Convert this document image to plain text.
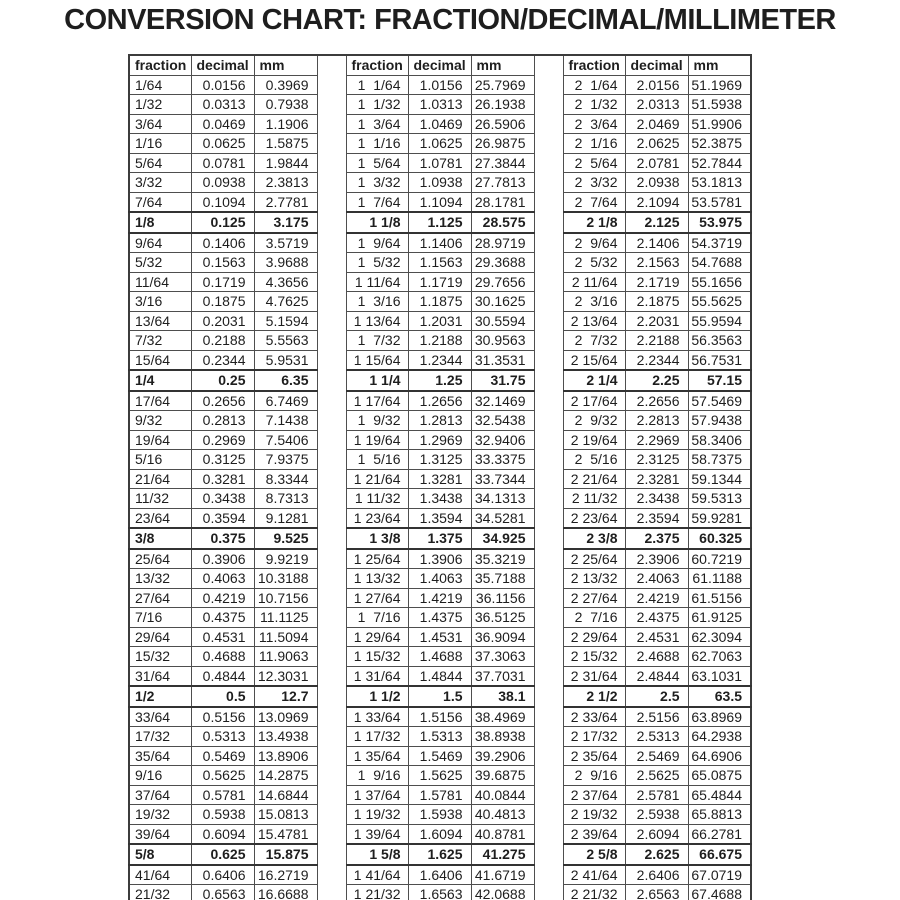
CONVERSION CHART: FRACTION/DECIMAL/MILLIMETER
fraction	decimal	mm		fraction	decimal	mm		fraction	decimal	mm
1/64	0.0156	0.3969		1  1/64	1.0156	25.7969		2  1/64	2.0156	51.1969
1/32	0.0313	0.7938		1  1/32	1.0313	26.1938		2  1/32	2.0313	51.5938
3/64	0.0469	1.1906		1  3/64	1.0469	26.5906		2  3/64	2.0469	51.9906
1/16	0.0625	1.5875		1  1/16	1.0625	26.9875		2  1/16	2.0625	52.3875
5/64	0.0781	1.9844		1  5/64	1.0781	27.3844		2  5/64	2.0781	52.7844
3/32	0.0938	2.3813		1  3/32	1.0938	27.7813		2  3/32	2.0938	53.1813
7/64	0.1094	2.7781		1  7/64	1.1094	28.1781		2  7/64	2.1094	53.5781
1/8	0.125	3.175		1 1/8	1.125	28.575		2 1/8	2.125	53.975
9/64	0.1406	3.5719		1  9/64	1.1406	28.9719		2  9/64	2.1406	54.3719
5/32	0.1563	3.9688		1  5/32	1.1563	29.3688		2  5/32	2.1563	54.7688
11/64	0.1719	4.3656		1 11/64	1.1719	29.7656		2 11/64	2.1719	55.1656
3/16	0.1875	4.7625		1  3/16	1.1875	30.1625		2  3/16	2.1875	55.5625
13/64	0.2031	5.1594		1 13/64	1.2031	30.5594		2 13/64	2.2031	55.9594
7/32	0.2188	5.5563		1  7/32	1.2188	30.9563		2  7/32	2.2188	56.3563
15/64	0.2344	5.9531		1 15/64	1.2344	31.3531		2 15/64	2.2344	56.7531
1/4	0.25	6.35		1 1/4	1.25	31.75		2 1/4	2.25	57.15
17/64	0.2656	6.7469		1 17/64	1.2656	32.1469		2 17/64	2.2656	57.5469
9/32	0.2813	7.1438		1  9/32	1.2813	32.5438		2  9/32	2.2813	57.9438
19/64	0.2969	7.5406		1 19/64	1.2969	32.9406		2 19/64	2.2969	58.3406
5/16	0.3125	7.9375		1  5/16	1.3125	33.3375		2  5/16	2.3125	58.7375
21/64	0.3281	8.3344		1 21/64	1.3281	33.7344		2 21/64	2.3281	59.1344
11/32	0.3438	8.7313		1 11/32	1.3438	34.1313		2 11/32	2.3438	59.5313
23/64	0.3594	9.1281		1 23/64	1.3594	34.5281		2 23/64	2.3594	59.9281
3/8	0.375	9.525		1 3/8	1.375	34.925		2 3/8	2.375	60.325
25/64	0.3906	9.9219		1 25/64	1.3906	35.3219		2 25/64	2.3906	60.7219
13/32	0.4063	10.3188		1 13/32	1.4063	35.7188		2 13/32	2.4063	61.1188
27/64	0.4219	10.7156		1 27/64	1.4219	36.1156		2 27/64	2.4219	61.5156
7/16	0.4375	11.1125		1  7/16	1.4375	36.5125		2  7/16	2.4375	61.9125
29/64	0.4531	11.5094		1 29/64	1.4531	36.9094		2 29/64	2.4531	62.3094
15/32	0.4688	11.9063		1 15/32	1.4688	37.3063		2 15/32	2.4688	62.7063
31/64	0.4844	12.3031		1 31/64	1.4844	37.7031		2 31/64	2.4844	63.1031
1/2	0.5	12.7		1 1/2	1.5	38.1		2 1/2	2.5	63.5
33/64	0.5156	13.0969		1 33/64	1.5156	38.4969		2 33/64	2.5156	63.8969
17/32	0.5313	13.4938		1 17/32	1.5313	38.8938		2 17/32	2.5313	64.2938
35/64	0.5469	13.8906		1 35/64	1.5469	39.2906		2 35/64	2.5469	64.6906
9/16	0.5625	14.2875		1  9/16	1.5625	39.6875		2  9/16	2.5625	65.0875
37/64	0.5781	14.6844		1 37/64	1.5781	40.0844		2 37/64	2.5781	65.4844
19/32	0.5938	15.0813		1 19/32	1.5938	40.4813		2 19/32	2.5938	65.8813
39/64	0.6094	15.4781		1 39/64	1.6094	40.8781		2 39/64	2.6094	66.2781
5/8	0.625	15.875		1 5/8	1.625	41.275		2 5/8	2.625	66.675
41/64	0.6406	16.2719		1 41/64	1.6406	41.6719		2 41/64	2.6406	67.0719
21/32	0.6563	16.6688		1 21/32	1.6563	42.0688		2 21/32	2.6563	67.4688
